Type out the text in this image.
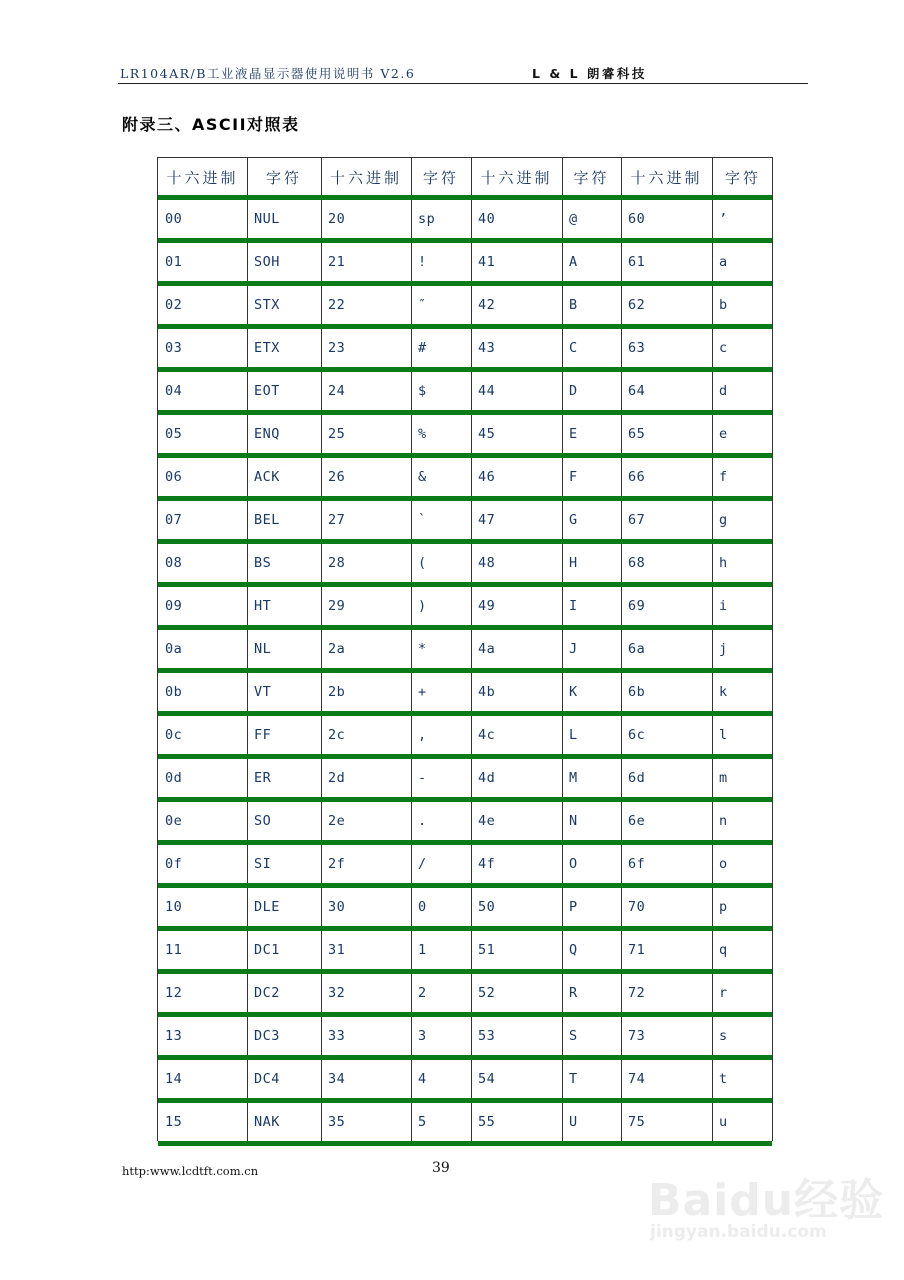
LR104AR/B工业液晶显示器使用说明书 V2.6	L & L 朗睿科技
附录三、ASCII对照表
十六进制	字符	十六进制	字符	十六进制	字符	十六进制	字符
00	NUL	20	sp	40	@	60	’
01	SOH	21	!	41	A	61	a
02	STX	22	″	42	B	62	b
03	ETX	23	#	43	C	63	c
04	EOT	24	$	44	D	64	d
05	ENQ	25	%	45	E	65	e
06	ACK	26	&	46	F	66	f
07	BEL	27	`	47	G	67	g
08	BS	28	(	48	H	68	h
09	HT	29	)	49	I	69	i
0a	NL	2a	*	4a	J	6a	j
0b	VT	2b	+	4b	K	6b	k
0c	FF	2c	,	4c	L	6c	l
0d	ER	2d	-	4d	M	6d	m
0e	SO	2e	.	4e	N	6e	n
0f	SI	2f	/	4f	O	6f	o
10	DLE	30	0	50	P	70	p
11	DC1	31	1	51	Q	71	q
12	DC2	32	2	52	R	72	r
13	DC3	33	3	53	S	73	s
14	DC4	34	4	54	T	74	t
15	NAK	35	5	55	U	75	u
http:www.lcdtft.com.cn	39
Baidu经验
jingyan.baidu.com
